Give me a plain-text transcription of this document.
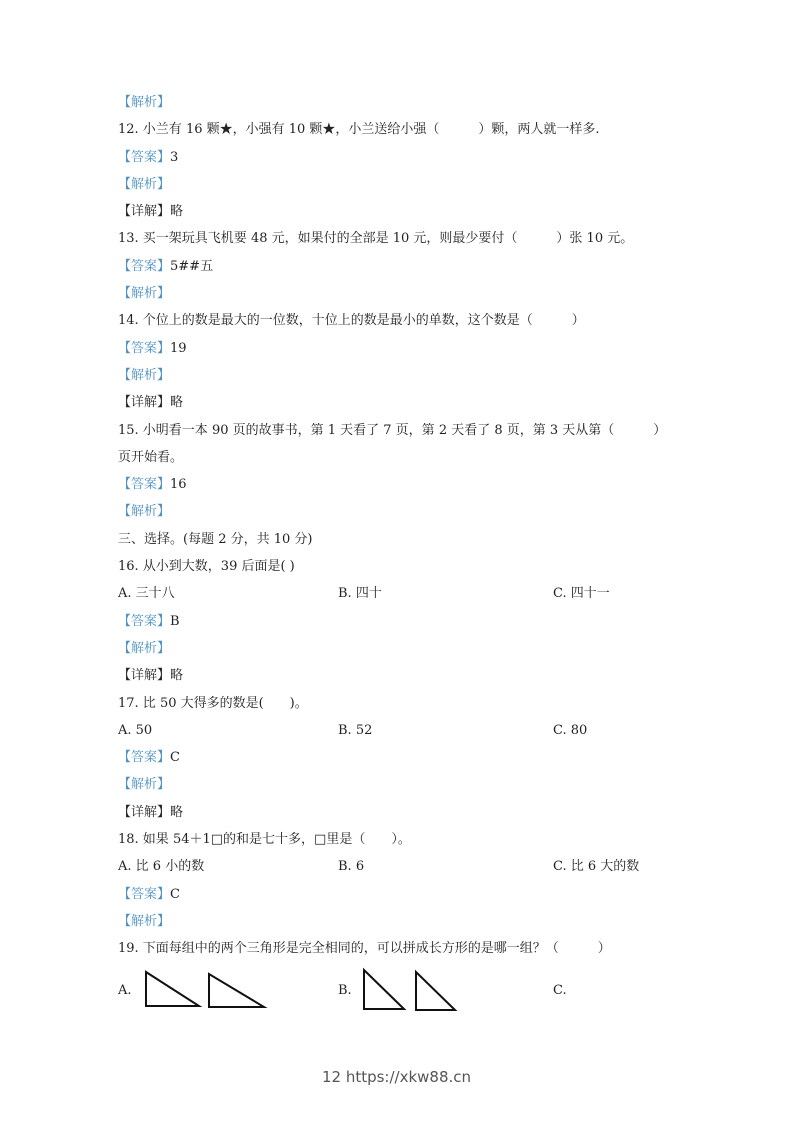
【解析】
12. 小兰有 16 颗★，小强有 10 颗★，小兰送给小强（　　　）颗，两人就一样多.
【答案】3
【解析】
【详解】略
13. 买一架玩具飞机要 48 元，如果付的全部是 10 元，则最少要付（　　　）张 10 元。
【答案】5##五
【解析】
14. 个位上的数是最大的一位数，十位上的数是最小的单数，这个数是（　　　）
【答案】19
【解析】
【详解】略
15. 小明看一本 90 页的故事书，第 1 天看了 7 页，第 2 天看了 8 页，第 3 天从第（　　　）
页开始看。
【答案】16
【解析】
三、选择。(每题 2 分，共 10 分)
16. 从小到大数，39 后面是( )
A. 三十八	B. 四十	C. 四十一
【答案】B
【解析】
【详解】略
17. 比 50 大得多的数是(　　)。
A. 50	B. 52	C. 80
【答案】C
【解析】
【详解】略
18. 如果 54＋1□的和是七十多，□里是（　　）。
A. 比 6 小的数	B. 6	C. 比 6 大的数
【答案】C
【解析】
19. 下面每组中的两个三角形是完全相同的，可以拼成长方形的是哪一组？（　　　）
A.	B.	C.
12 https://xkw88.cn
